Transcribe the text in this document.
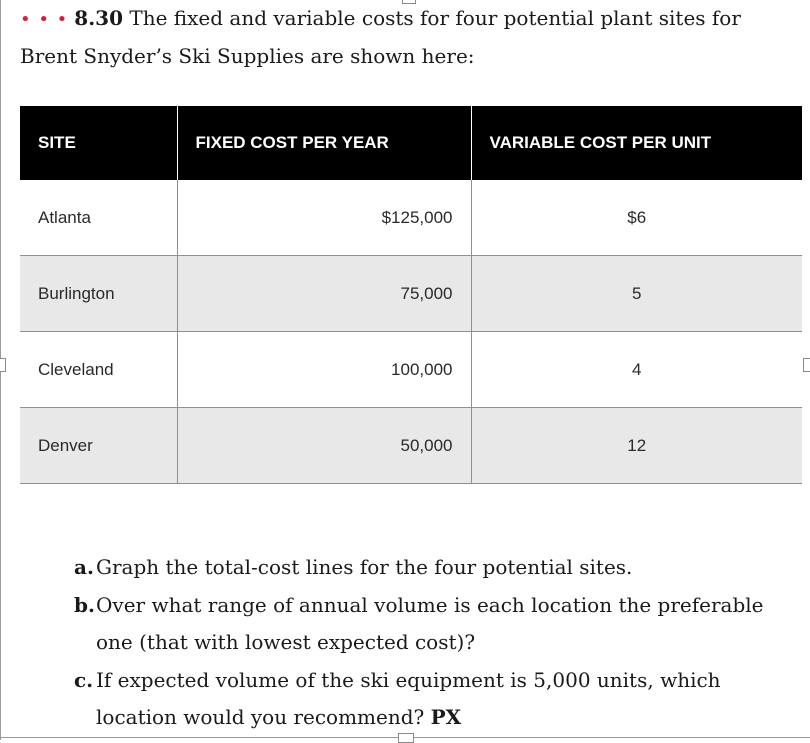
• • • 8.30 The fixed and variable costs for four potential plant sites for Brent Snyder’s Ski Supplies are shown here:
SITE	FIXED COST PER YEAR	VARIABLE COST PER UNIT
Atlanta	$125,000	$6
Burlington	75,000	5
Cleveland	100,000	4
Denver	50,000	12
a. Graph the total-cost lines for the four potential sites.
b. Over what range of annual volume is each location the preferable one (that with lowest expected cost)?
c. If expected volume of the ski equipment is 5,000 units, which location would you recommend? PX
